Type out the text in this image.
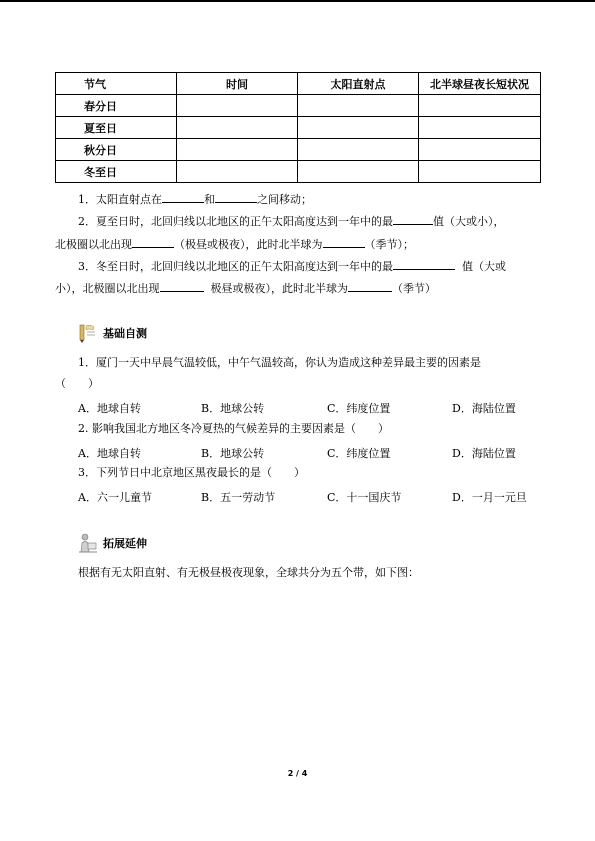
节气	时间	太阳直射点	北半球昼夜长短状况
春分日			
夏至日			
秋分日			
冬至日			
1．太阳直射点在	和	之间移动；
2．夏至日时，北回归线以北地区的正午太阳高度达到一年中的最	值（大或小），
北极圈以北出现	（极昼或极夜），此时北半球为	（季节）；
3．冬至日时，北回归线以北地区的正午太阳高度达到一年中的最	值（大或
小），北极圈以北出现	极昼或极夜），此时北半球为	（季节）
基础自测
1．厦门一天中早晨气温较低，中午气温较高，你认为造成这种差异最主要的因素是
（　　）
A．地球自转	B．地球公转	C．纬度位置	D．海陆位置
2. 影响我国北方地区冬冷夏热的气候差异的主要因素是（　　）
A．地球自转	B．地球公转	C．纬度位置	D．海陆位置
3．下列节日中北京地区黑夜最长的是（　　）
A．六一儿童节	B．五一劳动节	C．十一国庆节	D．一月一元旦
拓展延伸
根据有无太阳直射、有无极昼极夜现象，全球共分为五个带，如下图：
2 / 4
